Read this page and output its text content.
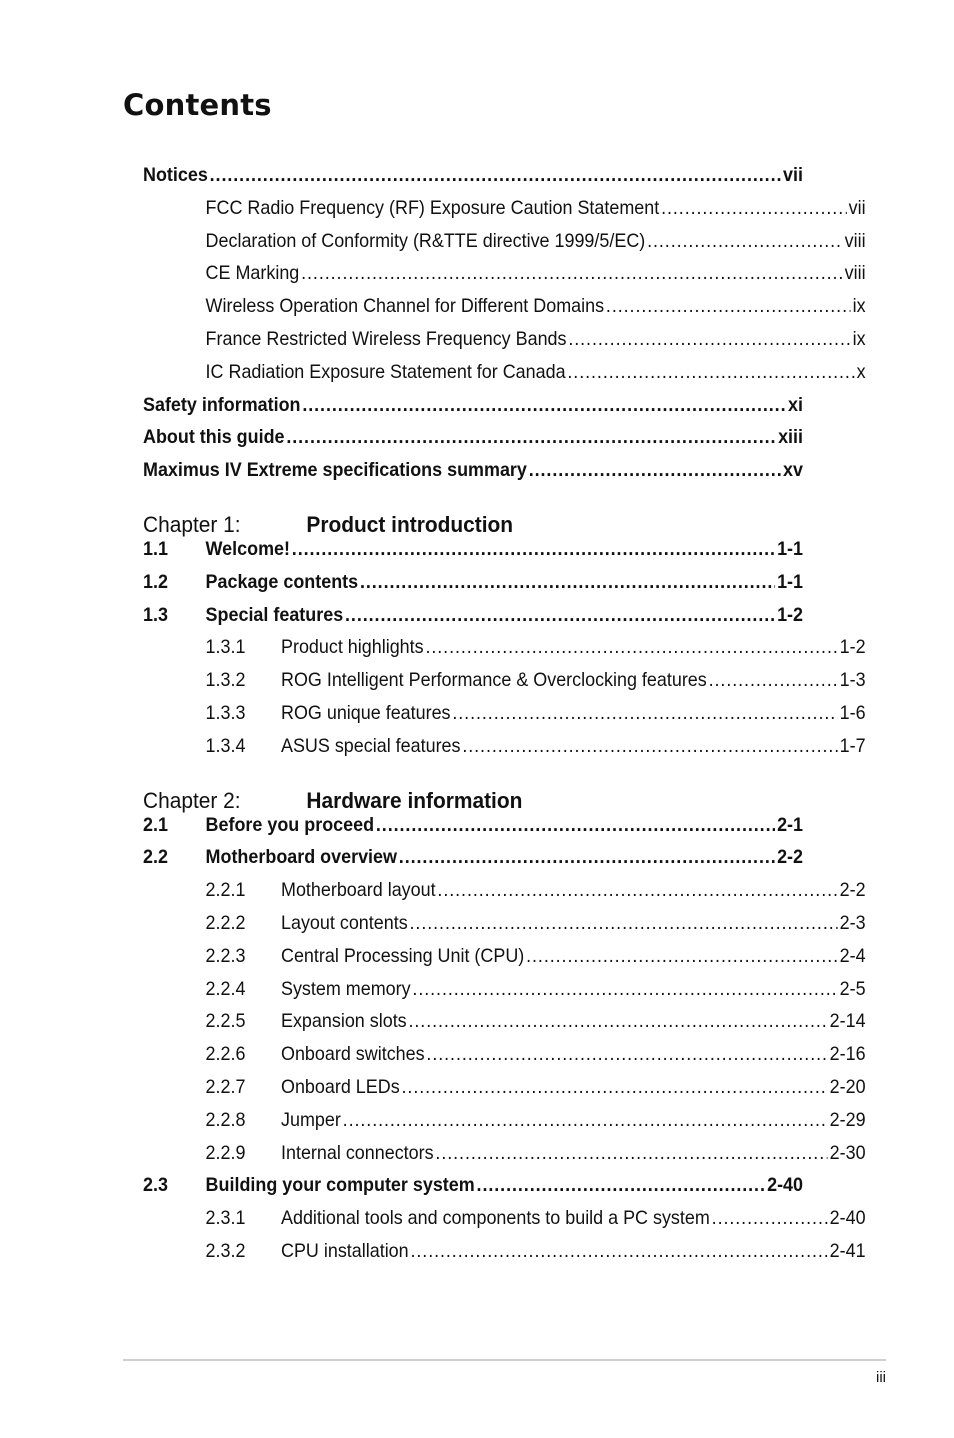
Contents
Notices .....	vii
FCC Radio Frequency (RF) Exposure Caution Statement .....	vii
Declaration of Conformity (R&TTE directive 1999/5/EC) .....	viii
CE Marking .....	viii
Wireless Operation Channel for Different Domains .....	ix
France Restricted Wireless Frequency Bands .....	ix
IC Radiation Exposure Statement for Canada .....	x
Safety information .....	xi
About this guide .....	xiii
Maximus IV Extreme specifications summary .....	xv
Chapter 1:	Product introduction
1.1	Welcome! .....	1-1
1.2	Package contents .....	1-1
1.3	Special features .....	1-2
1.3.1	Product highlights .....	1-2
1.3.2	ROG Intelligent Performance & Overclocking features .....	1-3
1.3.3	ROG unique features .....	1-6
1.3.4	ASUS special features .....	1-7
Chapter 2:	Hardware information
2.1	Before you proceed .....	2-1
2.2	Motherboard overview .....	2-2
2.2.1	Motherboard layout .....	2-2
2.2.2	Layout contents .....	2-3
2.2.3	Central Processing Unit (CPU) .....	2-4
2.2.4	System memory .....	2-5
2.2.5	Expansion slots .....	2-14
2.2.6	Onboard switches .....	2-16
2.2.7	Onboard LEDs .....	2-20
2.2.8	Jumper .....	2-29
2.2.9	Internal connectors .....	2-30
2.3	Building your computer system .....	2-40
2.3.1	Additional tools and components to build a PC system .....	2-40
2.3.2	CPU installation .....	2-41
iii
